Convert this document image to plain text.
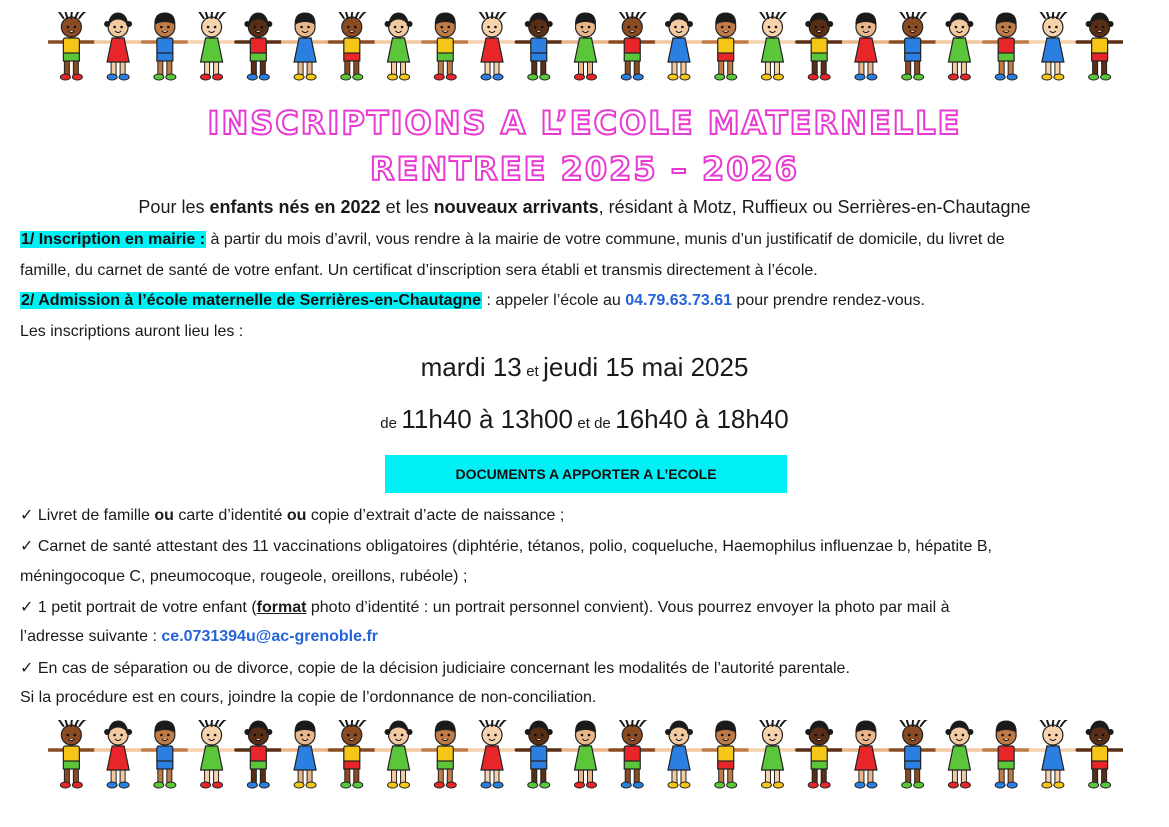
INSCRIPTIONS A L’ECOLE MATERNELLE
RENTREE 2025 – 2026
Pour les enfants nés en 2022 et les nouveaux arrivants, résidant à Motz, Ruffieux ou Serrières-en-Chautagne
1/ Inscription en mairie : à partir du mois d’avril, vous rendre à la mairie de votre commune, munis d’un justificatif de domicile, du livret de
famille, du carnet de santé de votre enfant. Un certificat d’inscription sera établi et transmis directement à l’école.
2/ Admission à l’école maternelle de Serrières-en-Chautagne : appeler l’école au 04.79.63.73.61 pour prendre rendez-vous.
Les inscriptions auront lieu les :
mardi 13 et jeudi 15 mai 2025
de 11h40 à 13h00 et de 16h40 à 18h40
DOCUMENTS A APPORTER A L’ECOLE
✓ Livret de famille ou carte d’identité ou copie d’extrait d’acte de naissance ;
✓ Carnet de santé attestant des 11 vaccinations obligatoires (diphtérie, tétanos, polio, coqueluche, Haemophilus influenzae b, hépatite B,
méningocoque C, pneumocoque, rougeole, oreillons, rubéole) ;
✓ 1 petit portrait de votre enfant (format photo d’identité : un portrait personnel convient). Vous pourrez envoyer la photo par mail à
l’adresse suivante : ce.0731394u@ac-grenoble.fr
✓ En cas de séparation ou de divorce, copie de la décision judiciaire concernant les modalités de l’autorité parentale.
Si la procédure est en cours, joindre la copie de l’ordonnance de non-conciliation.
